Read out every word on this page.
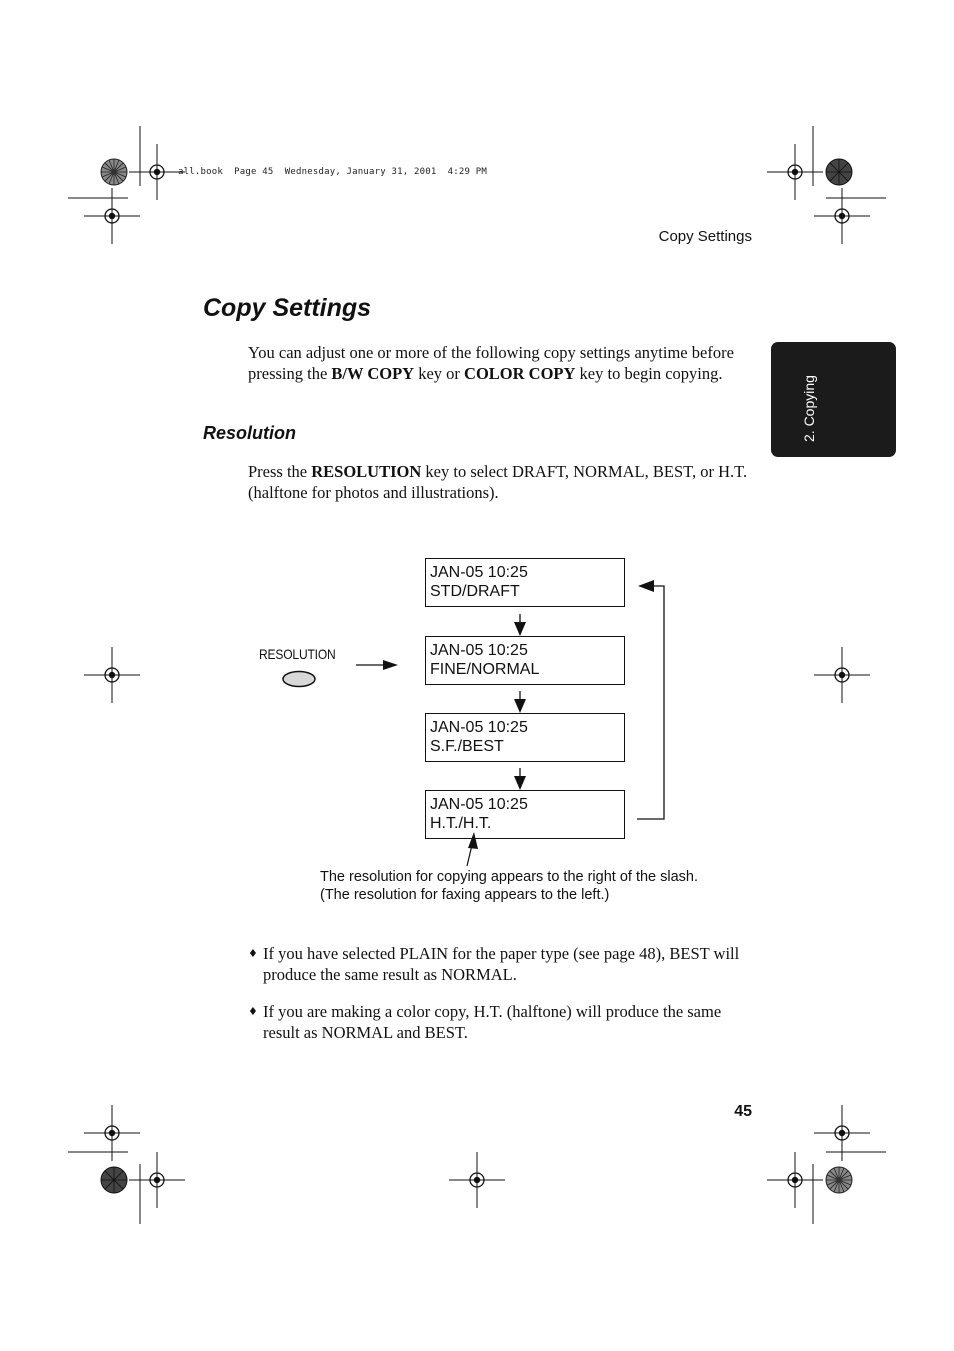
all.book  Page 45  Wednesday, January 31, 2001  4:29 PM
Copy Settings
2. Copying
Copy Settings
You can adjust one or more of the following copy settings anytime before pressing the B/W COPY key or COLOR COPY key to begin copying.
Resolution
Press the RESOLUTION key to select DRAFT, NORMAL, BEST, or H.T. (halftone for photos and illustrations).
RESOLUTION
JAN-05 10:25
STD/DRAFT
JAN-05 10:25
FINE/NORMAL
JAN-05 10:25
S.F./BEST
JAN-05 10:25
H.T./H.T.
The resolution for copying appears to the right of the slash. (The resolution for faxing appears to the left.)
♦ If you have selected PLAIN for the paper type (see page 48), BEST will produce the same result as NORMAL.
♦ If you are making a color copy, H.T. (halftone) will produce the same result as NORMAL and BEST.
45
